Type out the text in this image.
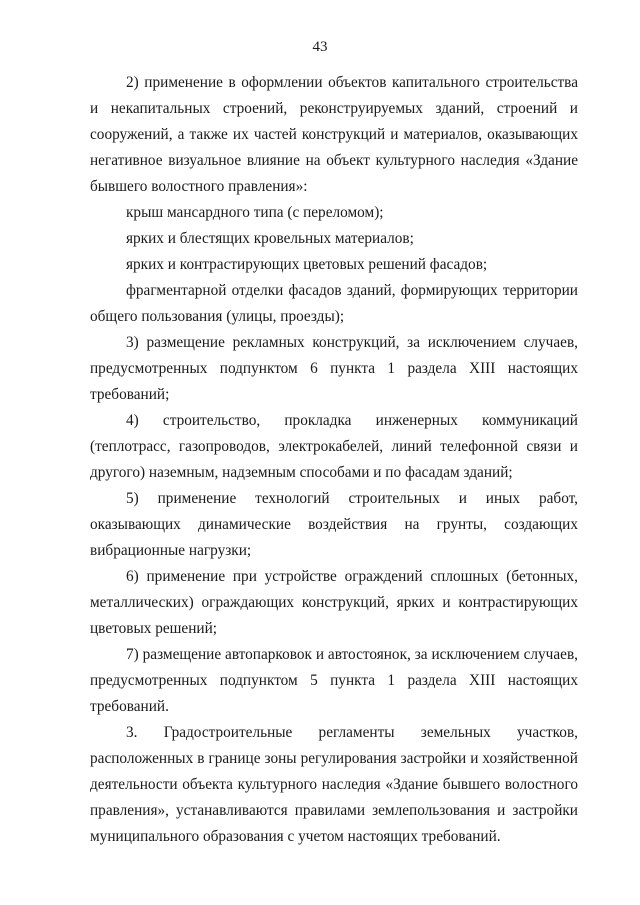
43

2) применение в оформлении объектов капитального строительства и некапитальных строений, реконструируемых зданий, строений и сооружений, а также их частей конструкций и материалов, оказывающих негативное визуальное влияние на объект культурного наследия «Здание бывшего волостного правления»:

крыш мансардного типа (с переломом);

ярких и блестящих кровельных материалов;

ярких и контрастирующих цветовых решений фасадов;

фрагментарной отделки фасадов зданий, формирующих территории общего пользования (улицы, проезды);

3) размещение рекламных конструкций, за исключением случаев, предусмотренных подпунктом 6 пункта 1 раздела XIII настоящих требований;

4) строительство, прокладка инженерных коммуникаций (теплотрасс, газопроводов, электрокабелей, линий телефонной связи и другого) наземным, надземным способами и по фасадам зданий;

5) применение технологий строительных и иных работ, оказывающих динамические воздействия на грунты, создающих вибрационные нагрузки;

6) применение при устройстве ограждений сплошных (бетонных, металлических) ограждающих конструкций, ярких и контрастирующих цветовых решений;

7) размещение автопарковок и автостоянок, за исключением случаев, предусмотренных подпунктом 5 пункта 1 раздела XIII настоящих требований.

3. Градостроительные регламенты земельных участков, расположенных в границе зоны регулирования застройки и хозяйственной деятельности объекта культурного наследия «Здание бывшего волостного правления», устанавливаются правилами землепользования и застройки муниципального образования с учетом настоящих требований.
